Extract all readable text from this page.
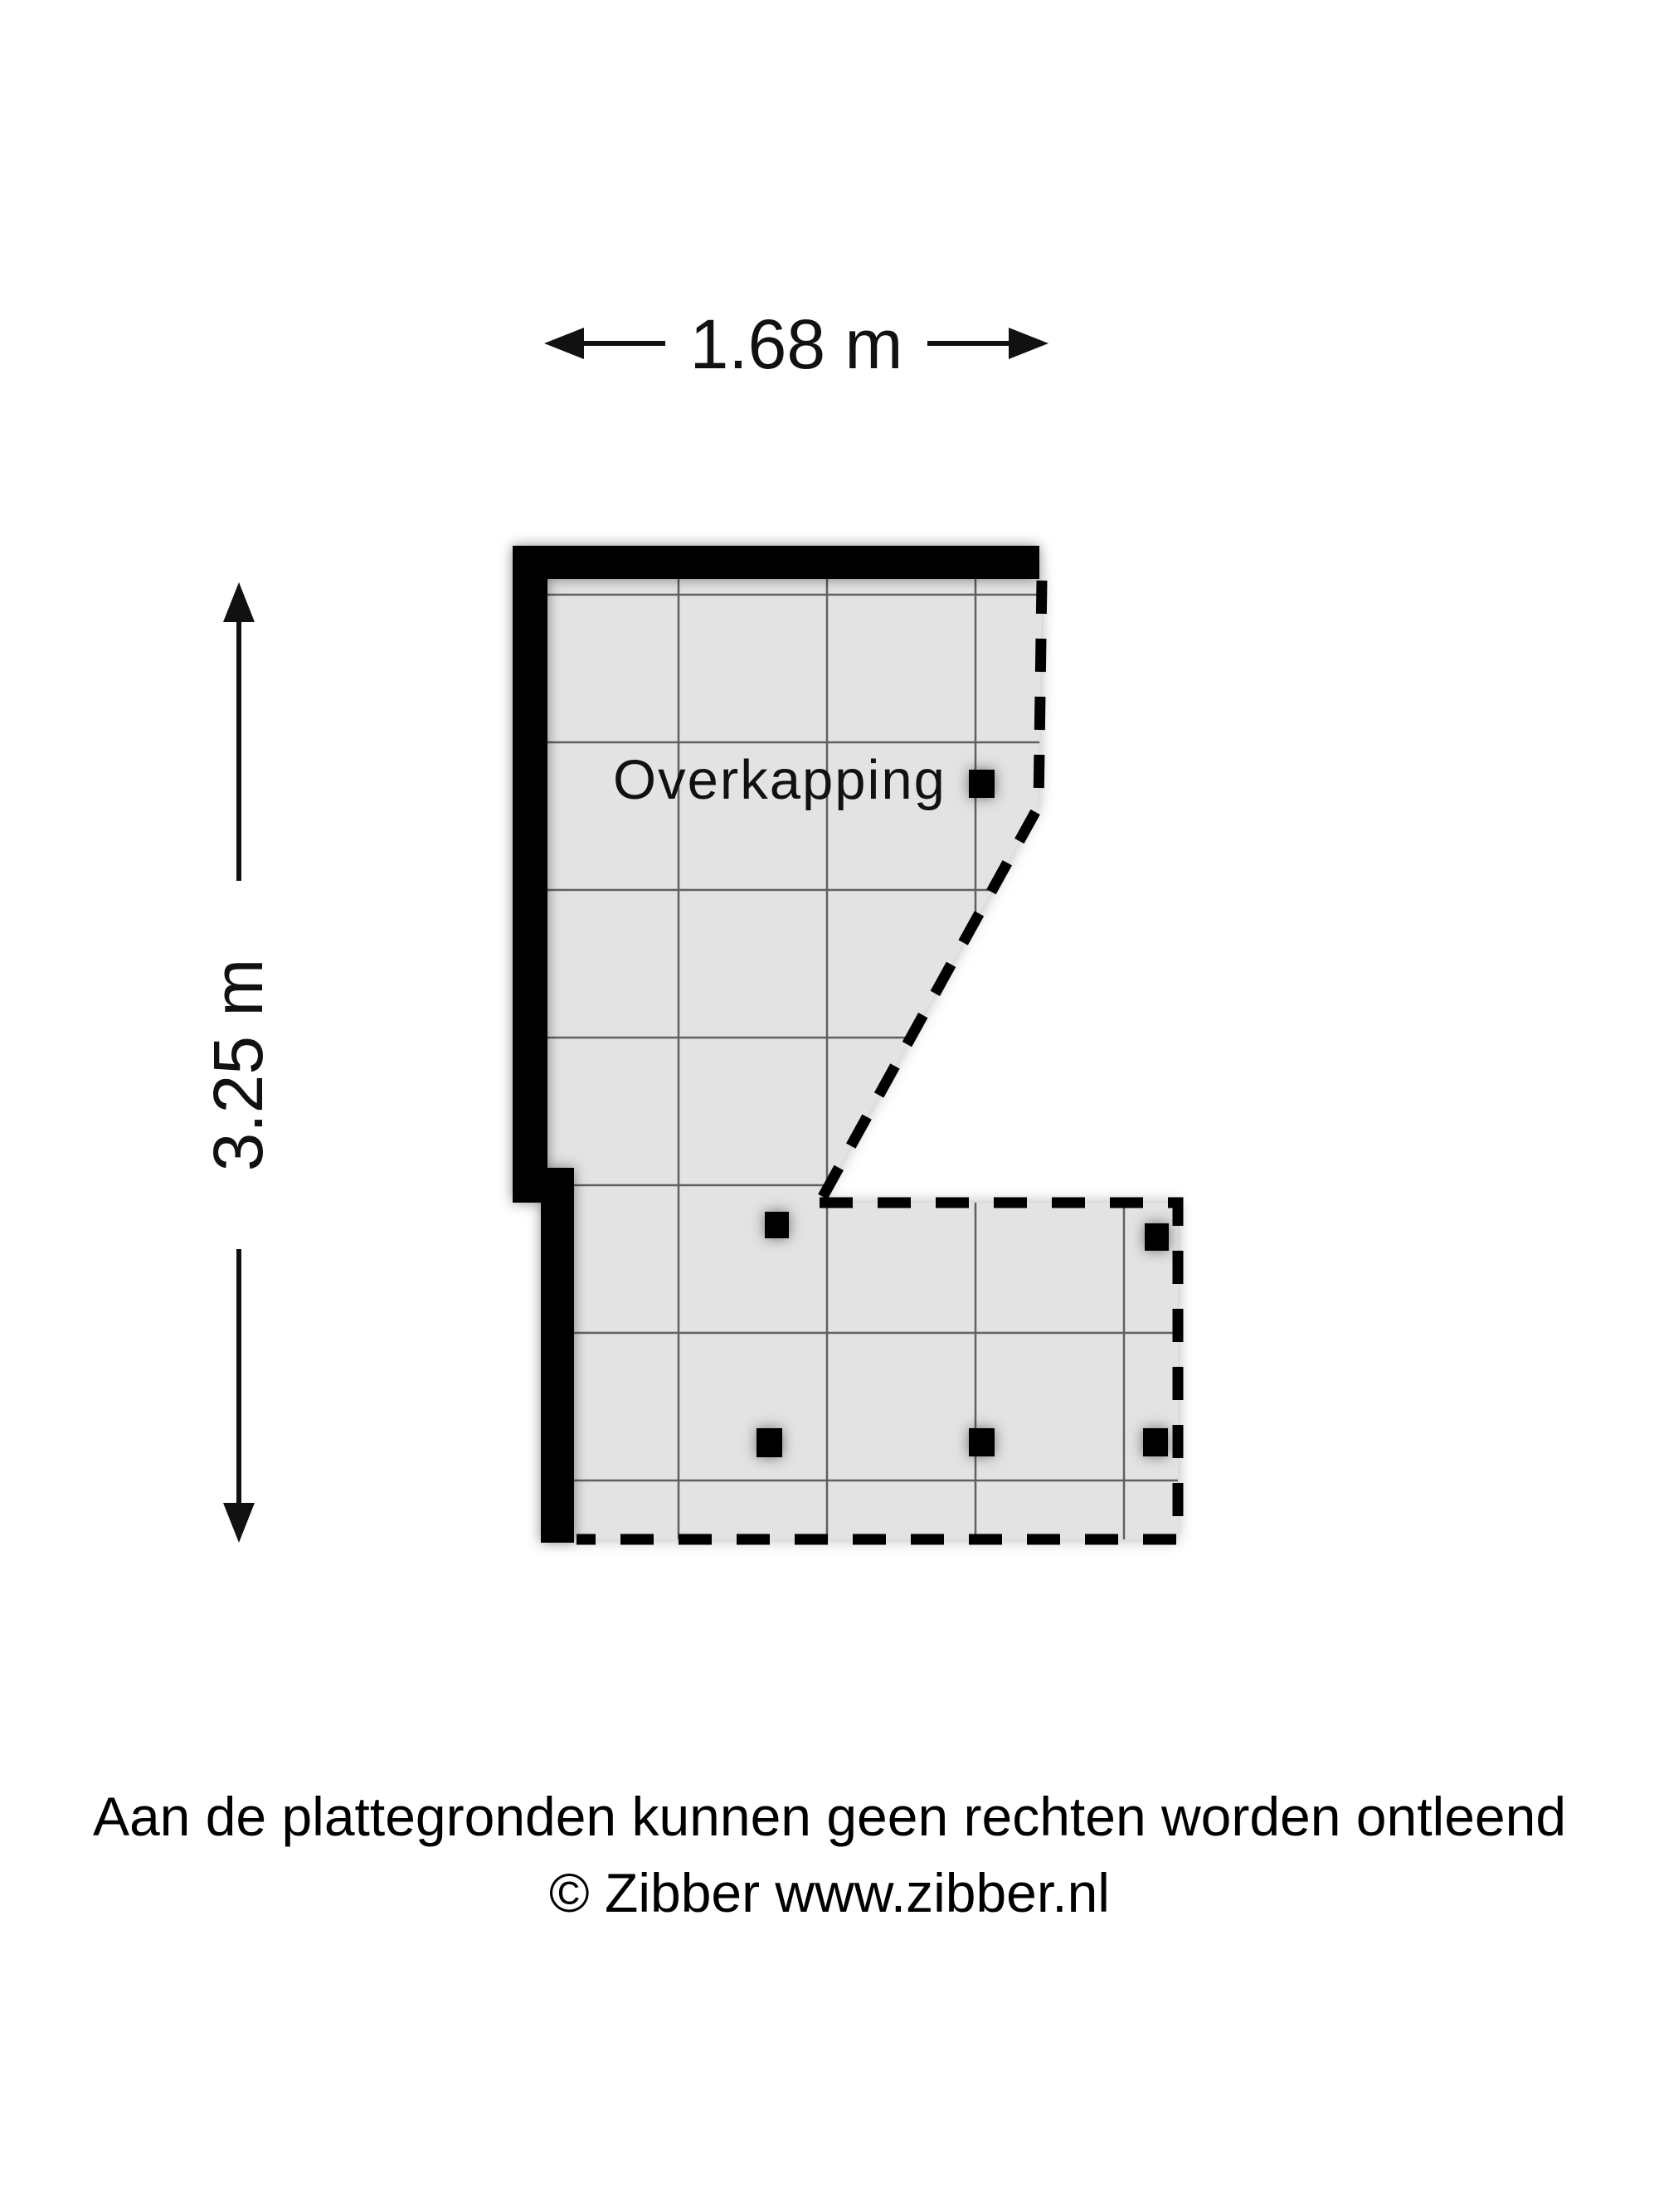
Overkapping
1.68 m
3.25 m
Aan de plattegronden kunnen geen rechten worden ontleend
© Zibber www.zibber.nl
